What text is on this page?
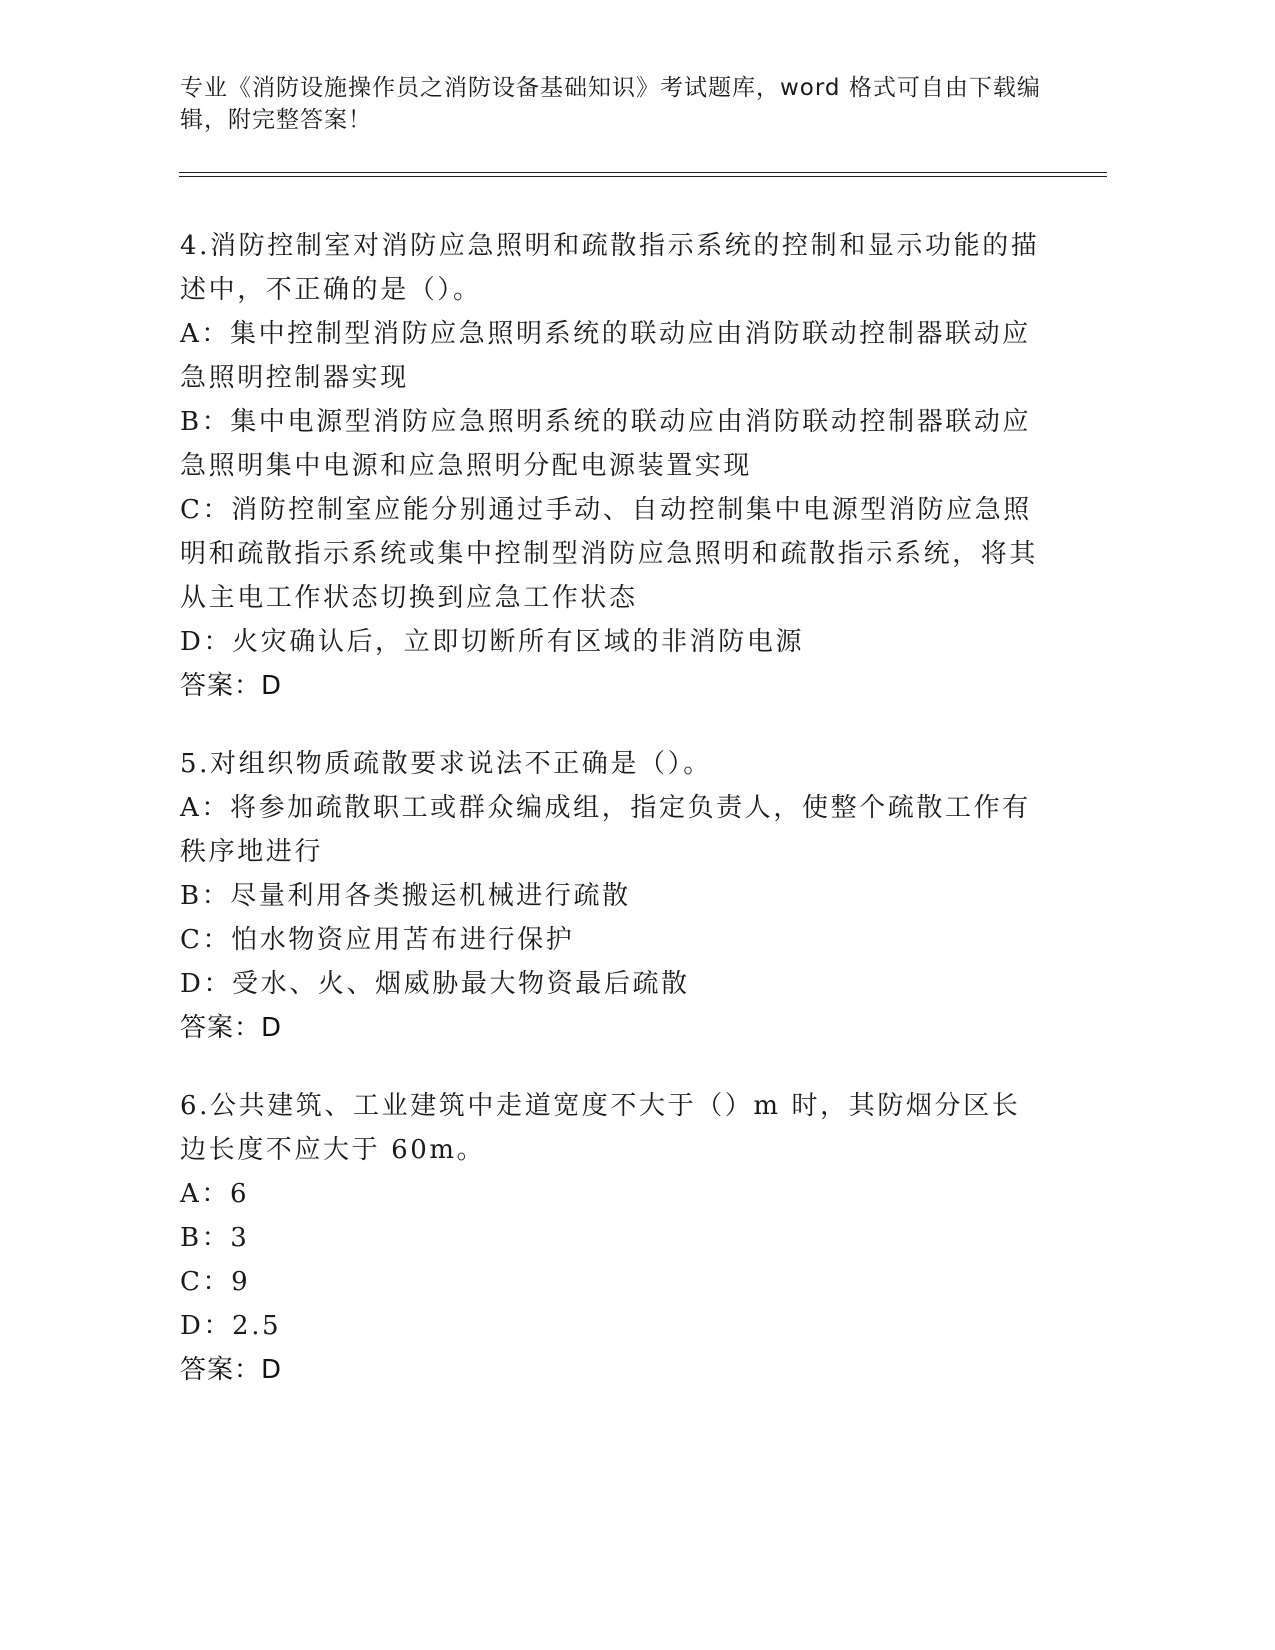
专业《消防设施操作员之消防设备基础知识》考试题库，word 格式可自由下载编
辑，附完整答案！
4.消防控制室对消防应急照明和疏散指示系统的控制和显示功能的描述中，不正确的是（）。
A：集中控制型消防应急照明系统的联动应由消防联动控制器联动应急照明控制器实现
B：集中电源型消防应急照明系统的联动应由消防联动控制器联动应急照明集中电源和应急照明分配电源装置实现
C：消防控制室应能分别通过手动、自动控制集中电源型消防应急照明和疏散指示系统或集中控制型消防应急照明和疏散指示系统，将其从主电工作状态切换到应急工作状态
D：火灾确认后，立即切断所有区域的非消防电源
答案：D
5.对组织物质疏散要求说法不正确是（）。
A：将参加疏散职工或群众编成组，指定负责人，使整个疏散工作有秩序地进行
B：尽量利用各类搬运机械进行疏散
C：怕水物资应用苫布进行保护
D：受水、火、烟威胁最大物资最后疏散
答案：D
6.公共建筑、工业建筑中走道宽度不大于（）m 时，其防烟分区长边长度不应大于 60m。
A：6
B：3
C：9
D：2.5
答案：D
